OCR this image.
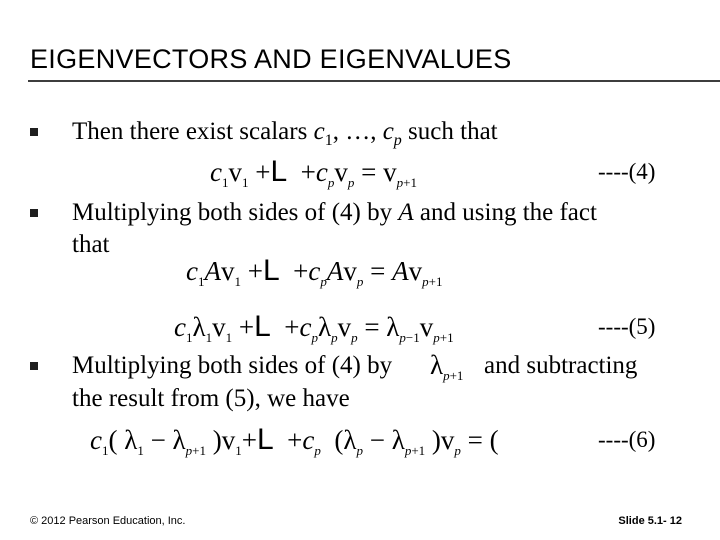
EIGENVECTORS AND EIGENVALUES
Then there exist scalars $c_1$, …, $c_p$ such that
$c_1v_1 +L +c_pv_p = v_{p+1}$	----(4)
Multiplying both sides of (4) by A and using the fact
that
$c_1Av_1 +L +c_pAv_p = Av_{p+1}$
$c_1\lambda_1v_1 +L +c_p\lambda_pv_p = \lambda_{p-1}v_{p+1}$	----(5)
Multiplying both sides of (4) by $\lambda_{p+1}$ and subtracting
the result from (5), we have
$c_1$( $\lambda_1 - \lambda_{p+1}$ )$v_1+L +c_p$  ($\lambda_p - \lambda_{p+1}$ )$v_p$ = (	----(6)
© 2012 Pearson Education, Inc.	Slide 5.1- 12
